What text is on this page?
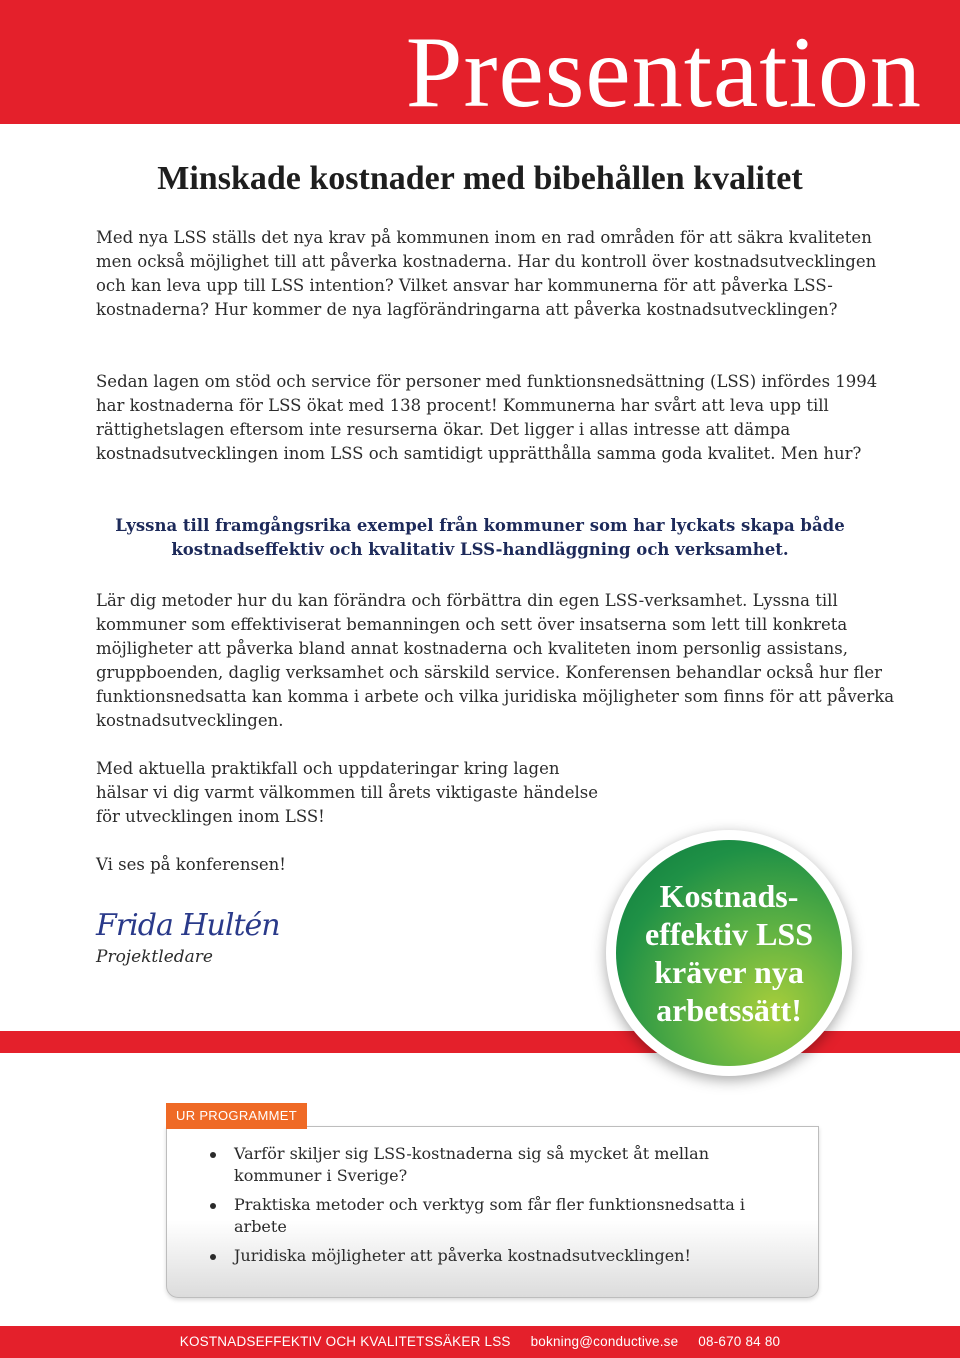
Presentation
Minskade kostnader med bibehållen kvalitet

Med nya LSS ställs det nya krav på kommunen inom en rad områden för att säkra kvaliteten men också möjlighet till att påverka kostnaderna. Har du kontroll över kostnadsutvecklingen och kan leva upp till LSS intention? Vilket ansvar har kommunerna för att påverka LSS-kostnaderna? Hur kommer de nya lagförändringarna att påverka kostnadsutvecklingen?

Sedan lagen om stöd och service för personer med funktionsnedsättning (LSS) infördes 1994 har kostnaderna för LSS ökat med 138 procent! Kommunerna har svårt att leva upp till rättighetslagen eftersom inte resurserna ökar. Det ligger i allas intresse att dämpa kostnadsutvecklingen inom LSS och samtidigt upprätthålla samma goda kvalitet. Men hur?

Lyssna till framgångsrika exempel från kommuner som har lyckats skapa både kostnadseffektiv och kvalitativ LSS-handläggning och verksamhet.

Lär dig metoder hur du kan förändra och förbättra din egen LSS-verksamhet. Lyssna till kommuner som effektiviserat bemanningen och sett över insatserna som lett till konkreta möjligheter att påverka bland annat kostnaderna och kvaliteten inom personlig assistans, gruppboenden, daglig verksamhet och särskild service. Konferensen behandlar också hur fler funktionsnedsatta kan komma i arbete och vilka juridiska möjligheter som finns för att påverka kostnadsutvecklingen.

Med aktuella praktikfall och uppdateringar kring lagen
hälsar vi dig varmt välkommen till årets viktigaste händelse
för utvecklingen inom LSS!

Vi ses på konferensen!

Frida Hultén
Projektledare
Kostnads-
effektiv LSS
kräver nya
arbetssätt!
UR PROGRAMMET
Varför skiljer sig LSS-kostnaderna sig så mycket åt mellan kommuner i Sverige?
Praktiska metoder och verktyg som får fler funktionsnedsatta i arbete
Juridiska möjligheter att påverka kostnadsutvecklingen!
KOSTNADSEFFEKTIV OCH KVALITETSSÄKER LSS bokning@conductive.se 08-670 84 80
